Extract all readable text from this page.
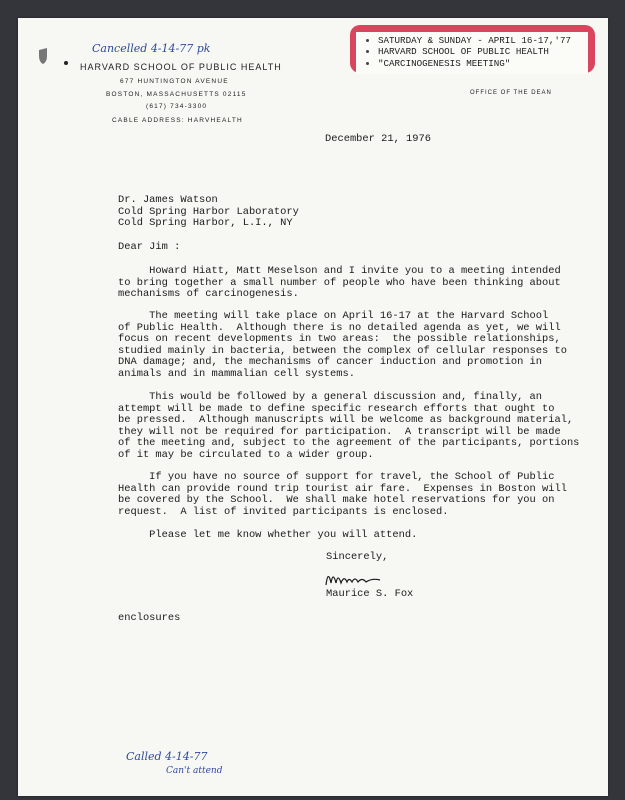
HARVARD SCHOOL OF PUBLIC HEALTH
677 HUNTINGTON AVENUE
BOSTON, MASSACHUSETTS 02115
(617) 734-3300
CABLE ADDRESS: HARVHEALTH
OFFICE OF THE DEAN
Cancelled 4-14-77 pk
SATURDAY & SUNDAY - APRIL 16-17,'77
HARVARD SCHOOL OF PUBLIC HEALTH
"CARCINOGENESIS MEETING"
December 21, 1976
Dr. James Watson
Cold Spring Harbor Laboratory
Cold Spring Harbor, L.I., NY
Dear Jim :
Howard Hiatt, Matt Meselson and I invite you to a meeting intended
to bring together a small number of people who have been thinking about
mechanisms of carcinogenesis.
The meeting will take place on April 16-17 at the Harvard School
of Public Health.  Although there is no detailed agenda as yet, we will
focus on recent developments in two areas:  the possible relationships,
studied mainly in bacteria, between the complex of cellular responses to
DNA damage; and, the mechanisms of cancer induction and promotion in
animals and in mammalian cell systems.
This would be followed by a general discussion and, finally, an
attempt will be made to define specific research efforts that ought to
be pressed.  Although manuscripts will be welcome as background material,
they will not be required for participation.  A transcript will be made
of the meeting and, subject to the agreement of the participants, portions
of it may be circulated to a wider group.
If you have no source of support for travel, the School of Public
Health can provide round trip tourist air fare.  Expenses in Boston will
be covered by the School.  We shall make hotel reservations for you on
request.  A list of invited participants is enclosed.
Please let me know whether you will attend.
Sincerely,
Maurice S. Fox
enclosures
Called 4-14-77
Can't attend
